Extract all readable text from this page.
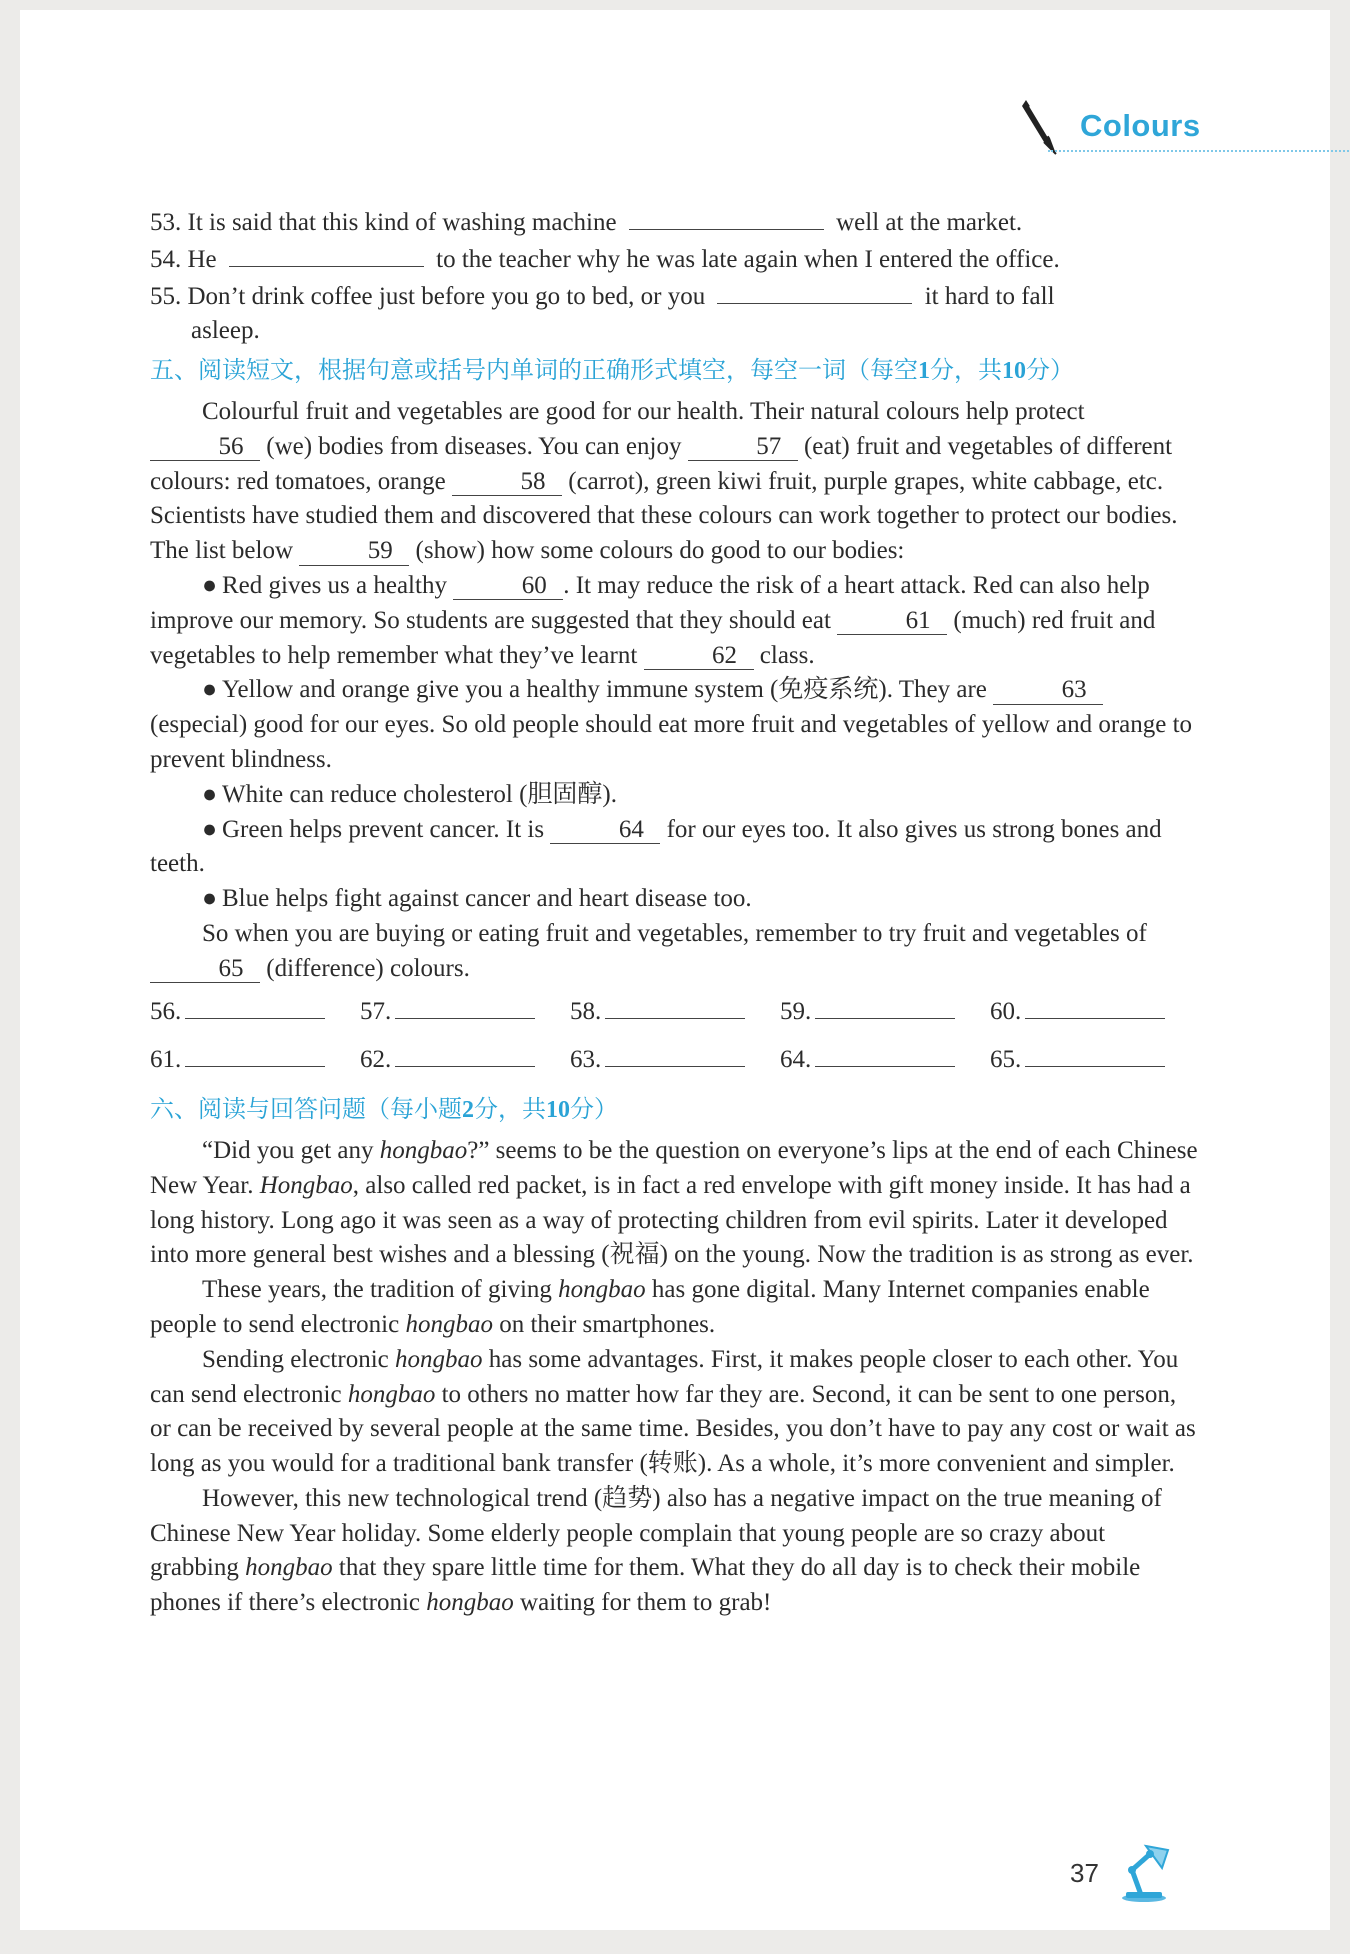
Colours
53. It is said that this kind of washing machine	well at the market.
54. He	to the teacher why he was late again when I entered the office.
55. Don’t drink coffee just before you go to bed, or you	it hard to fall
asleep.
五、阅读短文，根据句意或括号内单词的正确形式填空，每空一词（每空1分，共10分）

Colourful fruit and vegetables are good for our health. Their natural colours help protect 56 (we) bodies from diseases. You can enjoy	57 (eat) fruit and vegetables of different colours: red tomatoes, orange	58 (carrot), green kiwi fruit, purple grapes, white cabbage, etc. Scientists have studied them and discovered that these colours can work together to protect our bodies. The list below	59 (show) how some colours do good to our bodies:

● Red gives us a healthy	60 . It may reduce the risk of a heart attack. Red can also help improve our memory. So students are suggested that they should eat	61 (much) red fruit and vegetables to help remember what they’ve learnt	62 class.

● Yellow and orange give you a healthy immune system (免疫系统). They are	63 (especial) good for our eyes. So old people should eat more fruit and vegetables of yellow and orange to prevent blindness.

● White can reduce cholesterol (胆固醇).

● Green helps prevent cancer. It is	64 for our eyes too. It also gives us strong bones and teeth.

● Blue helps fight against cancer and heart disease too.

So when you are buying or eating fruit and vegetables, remember to try fruit and vegetables of 65 (difference) colours.

56.	57.	58.	59.	60.
61.	62.	63.	64.	65.
六、阅读与回答问题（每小题2分，共10分）

“Did you get any hongbao?” seems to be the question on everyone’s lips at the end of each Chinese New Year. Hongbao, also called red packet, is in fact a red envelope with gift money inside. It has had a long history. Long ago it was seen as a way of protecting children from evil spirits. Later it developed into more general best wishes and a blessing (祝福) on the young. Now the tradition is as strong as ever.

These years, the tradition of giving hongbao has gone digital. Many Internet companies enable people to send electronic hongbao on their smartphones.

Sending electronic hongbao has some advantages. First, it makes people closer to each other. You can send electronic hongbao to others no matter how far they are. Second, it can be sent to one person, or can be received by several people at the same time. Besides, you don’t have to pay any cost or wait as long as you would for a traditional bank transfer (转账). As a whole, it’s more convenient and simpler.

However, this new technological trend (趋势) also has a negative impact on the true meaning of Chinese New Year holiday. Some elderly people complain that young people are so crazy about grabbing hongbao that they spare little time for them. What they do all day is to check their mobile phones if there’s electronic hongbao waiting for them to grab!

37
